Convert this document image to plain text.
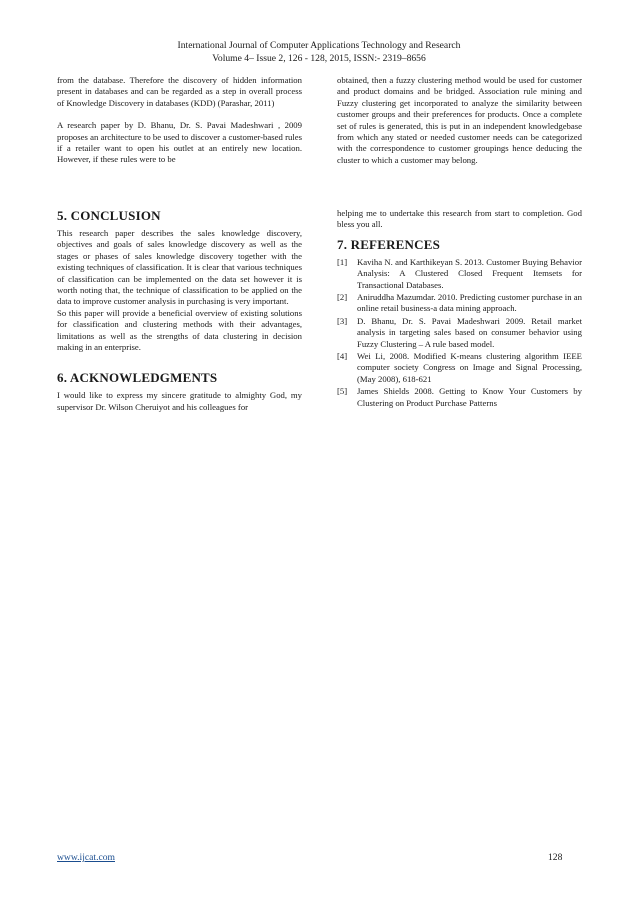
International Journal of Computer Applications Technology and Research
Volume 4– Issue 2, 126 - 128, 2015, ISSN:- 2319–8656

from the database. Therefore the discovery of hidden information present in databases and can be regarded as a step in overall process of Knowledge Discovery in databases (KDD) (Parashar, 2011)

A research paper by D. Bhanu, Dr. S. Pavai Madeshwari , 2009 proposes an architecture to be used to discover a customer-based rules if a retailer want to open his outlet at an entirely new location. However, if these rules were to be

obtained, then a fuzzy clustering method would be used for customer and product domains and be bridged. Association rule mining and Fuzzy clustering get incorporated to analyze the similarity between customer groups and their preferences for products. Once a complete set of rules is generated, this is put in an independent knowledgebase from which any stated or needed customer needs can be categorized with the correspondence to customer groupings hence deducing the cluster to which a customer may belong.

5. CONCLUSION

This research paper describes the sales knowledge discovery, objectives and goals of sales knowledge discovery as well as the stages or phases of sales knowledge discovery together with the existing techniques of classification. It is clear that various techniques of classification can be implemented on the data set however it is worth noting that, the technique of classification to be applied on the data to improve customer analysis in purchasing is very important.

So this paper will provide a beneficial overview of existing solutions for classification and clustering methods with their advantages, limitations as well as the strengths of data clustering in decision making in an enterprise.

6. ACKNOWLEDGMENTS

I would like to express my sincere gratitude to almighty God, my supervisor Dr. Wilson Cheruiyot and his colleagues for

helping me to undertake this research from start to completion. God bless you all.

7. REFERENCES
[1] Kaviha N. and Karthikeyan S. 2013. Customer Buying Behavior Analysis: A Clustered Closed Frequent Itemsets for Transactional Databases.
[2] Aniruddha Mazumdar. 2010. Predicting customer purchase in an online retail business-a data mining approach.
[3] D. Bhanu, Dr. S. Pavai Madeshwari 2009. Retail market analysis in targeting sales based on consumer behavior using Fuzzy Clustering – A rule based model.
[4] Wei Li, 2008. Modified K-means clustering algorithm IEEE computer society Congress on Image and Signal Processing, (May 2008), 618-621
[5] James Shields 2008. Getting to Know Your Customers by Clustering on Product Purchase Patterns
www.ijcat.com	128
